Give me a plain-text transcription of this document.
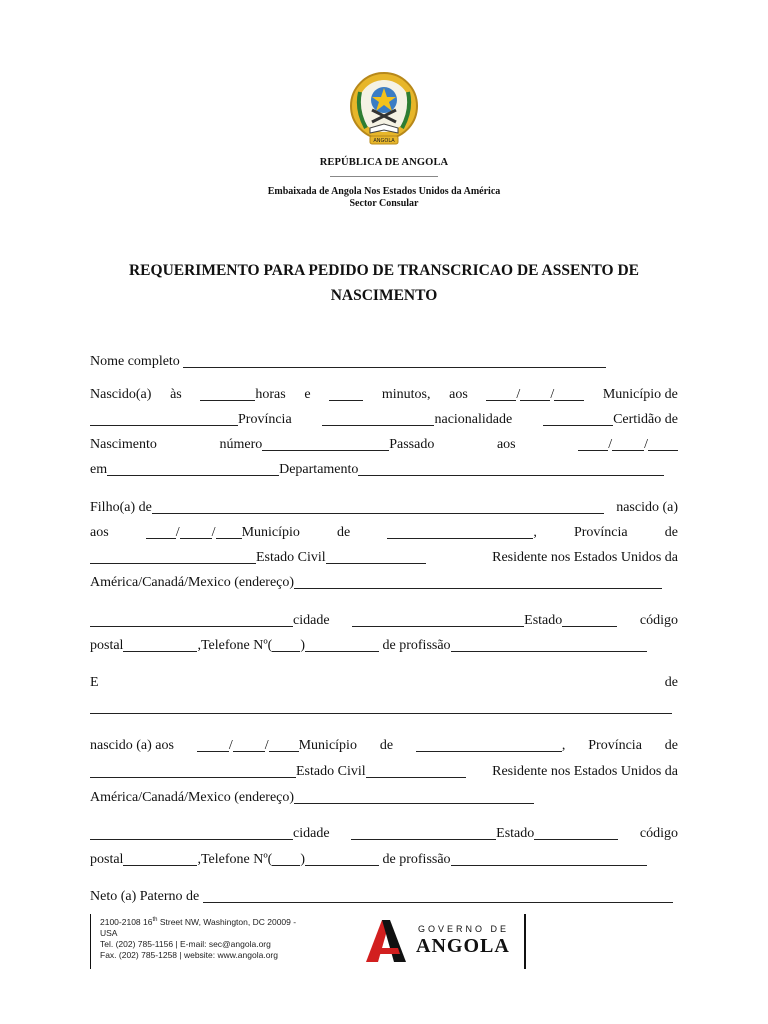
ANGOLA
REPÚBLICA DE ANGOLA
Embaixada de Angola Nos Estados Unidos da América
Sector Consular
REQUERIMENTO PARA PEDIDO DE TRANSCRICAO DE ASSENTO DE
NASCIMENTO
Nome completo

Nascido(a) às	horas e	minutos, aos	/ /	Município de
Província	nacionalidade	Certidão de
Nascimento	número	Passado	aos	/ /
em	Departamento
Filho(a) de	nascido (a)
aos	/ / Município	de	,	Província	de
Estado Civil	Residente nos Estados Unidos da
América/Canadá/Mexico (endereço)
cidade	Estado	código
postal	,Telefone Nº( )
	de profissão
E	de
nascido (a) aos	/ / Município de	, Província de
Estado Civil	Residente nos Estados Unidos da
América/Canadá/Mexico (endereço)
cidade	Estado	código
postal	,Telefone Nº( )
	de profissão
Neto (a) Paterno de

2100-2108 16th Street NW, Washington, DC 20009 -
USA
Tel. (202) 785-1156 | E-mail: sec@angola.org
Fax. (202) 785-1258 | website: www.angola.org
GOVERNO DE
ANGOLA
